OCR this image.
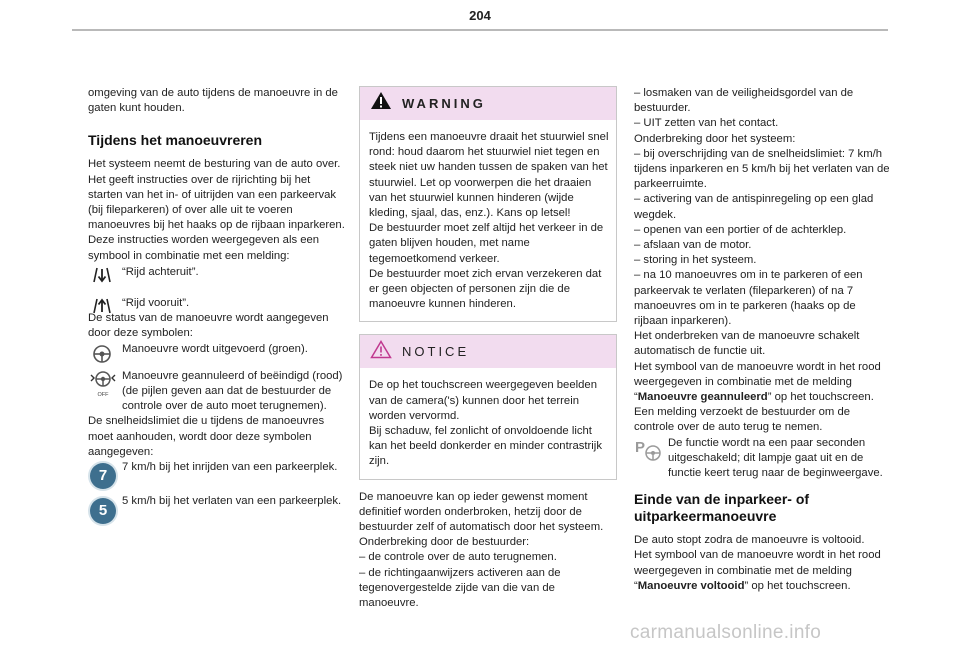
204

omgeving van de auto tijdens de manoeuvre in de gaten kunt houden.

Tijdens het manoeuvreren

Het systeem neemt de besturing van de auto over. Het geeft instructies over de rijrichting bij het starten van het in- of uitrijden van een parkeervak (bij fileparkeren) of over alle uit te voeren manoeuvres bij het haaks op de rijbaan inparkeren. Deze instructies worden weergegeven als een symbool in combinatie met een melding:

“Rijd achteruit”.
“Rijd vooruit”.

De status van de manoeuvre wordt aangegeven door deze symbolen:

Manoeuvre wordt uitgevoerd (groen).
OFF
Manoeuvre geannuleerd of beëindigd (rood) (de pijlen geven aan dat de bestuurder de controle over de auto moet terugnemen).

De snelheidslimiet die u tijdens de manoeuvres moet aanhouden, wordt door deze symbolen aangegeven:

7
7 km/h bij het inrijden van een parkeerplek.
5
5 km/h bij het verlaten van een parkeerplek.
WARNING

Tijdens een manoeuvre draait het stuurwiel snel rond: houd daarom het stuurwiel niet tegen en steek niet uw handen tussen de spaken van het stuurwiel. Let op voorwerpen die het draaien van het stuurwiel kunnen hinderen (wijde kleding, sjaal, das, enz.). Kans op letsel!

De bestuurder moet zelf altijd het verkeer in de gaten blijven houden, met name tegemoetkomend verkeer.

De bestuurder moet zich ervan verzekeren dat er geen objecten of personen zijn die de manoeuvre kunnen hinderen.

NOTICE

De op het touchscreen weergegeven beelden van de camera('s) kunnen door het terrein worden vervormd.

Bij schaduw, fel zonlicht of onvoldoende licht kan het beeld donkerder en minder contrastrijk zijn.

De manoeuvre kan op ieder gewenst moment definitief worden onderbroken, hetzij door de bestuurder zelf of automatisch door het systeem.

Onderbreking door de bestuurder:

– de controle over de auto terugnemen.

– de richtingaanwijzers activeren aan de tegenovergestelde zijde van die van de manoeuvre.

– losmaken van de veiligheidsgordel van de bestuurder.

– UIT zetten van het contact.

Onderbreking door het systeem:

– bij overschrijding van de snelheidslimiet: 7 km/h tijdens inparkeren en 5 km/h bij het verlaten van de parkeerruimte.

– activering van de antispinregeling op een glad wegdek.

– openen van een portier of de achterklep.

– afslaan van de motor.

– storing in het systeem.

– na 10 manoeuvres om in te parkeren of een parkeervak te verlaten (fileparkeren) of na 7 manoeuvres om in te parkeren (haaks op de rijbaan inparkeren).

Het onderbreken van de manoeuvre schakelt automatisch de functie uit.

Het symbool van de manoeuvre wordt in het rood weergegeven in combinatie met de melding “Manoeuvre geannuleerd” op het touchscreen.

Een melding verzoekt de bestuurder om de controle over de auto terug te nemen.

P De functie wordt na een paar seconden uitgeschakeld; dit lampje gaat uit en de functie keert terug naar de beginweergave.

Einde van de inparkeer- of uitparkeermanoeuvre

De auto stopt zodra de manoeuvre is voltooid.

Het symbool van de manoeuvre wordt in het rood weergegeven in combinatie met de melding “Manoeuvre voltooid” op het touchscreen.

carmanualsonline.info
